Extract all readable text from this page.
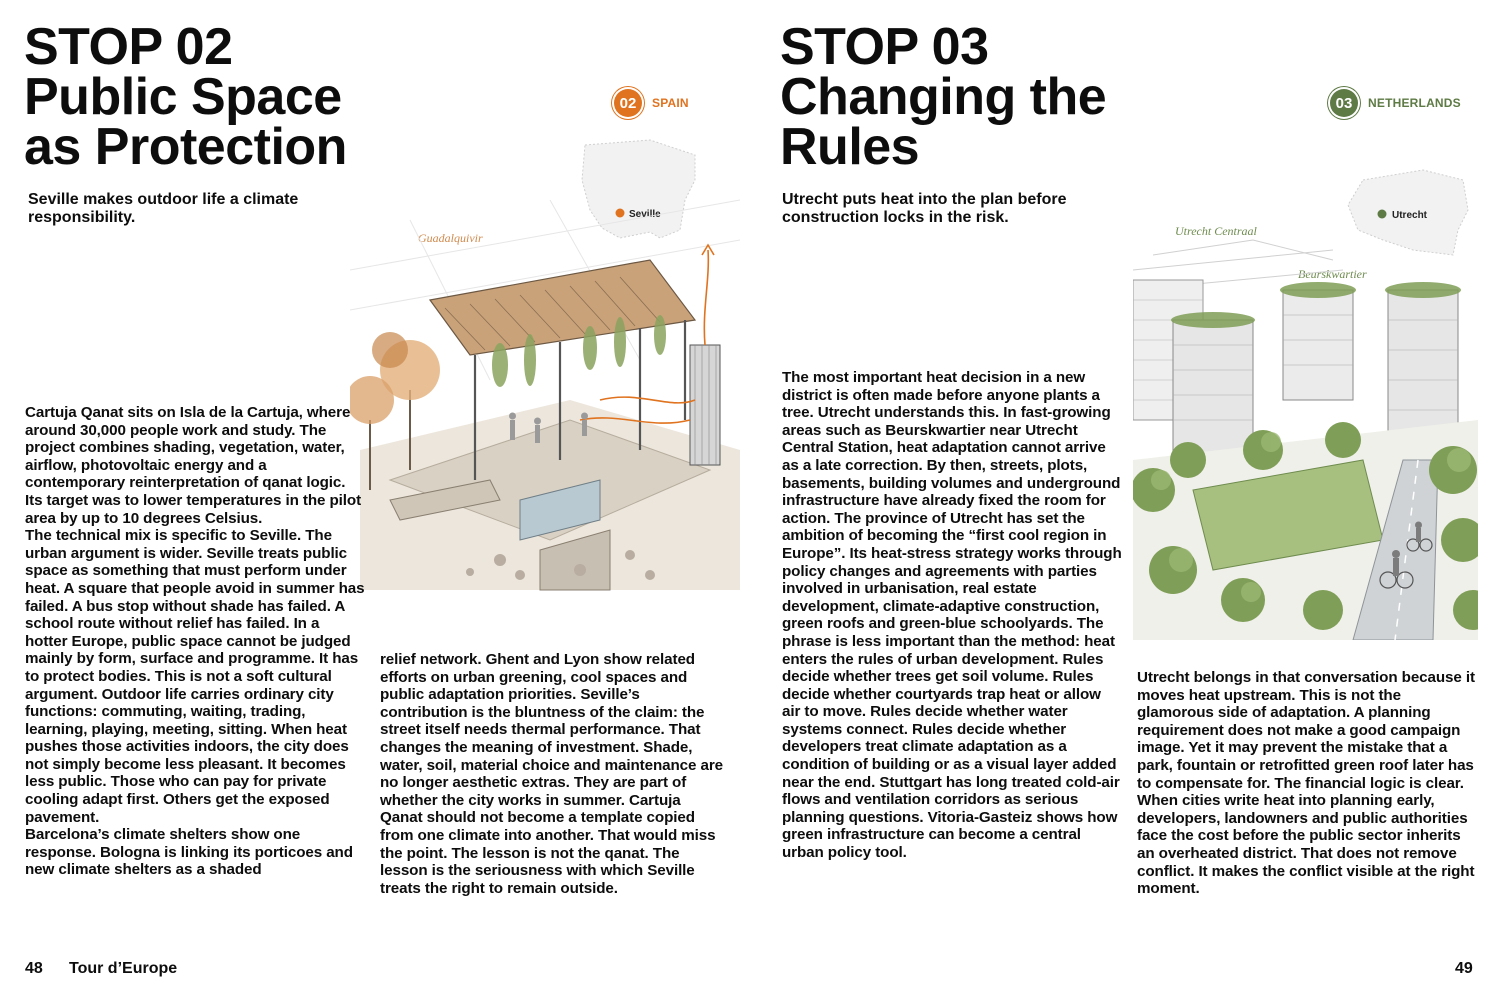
STOP 02
Public Space
as Protection
02 SPAIN

Seville makes outdoor life a climate responsibility.	Seville
Guadalquivir

Cartuja Qanat sits on Isla de la Cartuja, where around 30,000 people work and study. The project combines shading, vegetation, water, airflow, photovoltaic energy and a contemporary reinterpretation of qanat logic. Its target was to lower temperatures in the pilot area by up to 10 degrees Celsius.

The technical mix is specific to Seville. The urban argument is wider. Seville treats public space as something that must perform under heat. A square that people avoid in summer has failed. A bus stop without shade has failed. A school route without relief has failed. In a hotter Europe, public space cannot be judged mainly by form, surface and programme. It has to protect bodies. This is not a soft cultural argument. Outdoor life carries ordinary city functions: commuting, waiting, trading, learning, playing, meeting, sitting. When heat pushes those activities indoors, the city does not simply become less pleasant. It becomes less public. Those who can pay for private cooling adapt first. Others get the exposed pavement.

Barcelona’s climate shelters show one response. Bologna is linking its porticoes and new climate shelters as a shaded

relief network. Ghent and Lyon show related efforts on urban greening, cool spaces and public adaptation priorities. Seville’s contribution is the bluntness of the claim: the street itself needs thermal performance. That changes the meaning of investment. Shade, water, soil, material choice and maintenance are no longer aesthetic extras. They are part of whether the city works in summer. Cartuja Qanat should not become a template copied from one climate into another. That would miss the point. The lesson is not the qanat. The lesson is the seriousness with which Seville treats the right to remain outside.

48 Tour d’Europe
STOP 03
Changing the
Rules
03 NETHERLANDS

Utrecht puts heat into the plan before construction locks in the risk.	Utrecht
Utrecht Centraal
Beurskwartier

The most important heat decision in a new district is often made before anyone plants a tree. Utrecht understands this. In fast-growing areas such as Beurskwartier near Utrecht Central Station, heat adaptation cannot arrive as a late correction. By then, streets, plots, basements, building volumes and underground infrastructure have already fixed the room for action. The province of Utrecht has set the ambition of becoming the “first cool region in Europe”. Its heat-stress strategy works through policy changes and agreements with parties involved in urbanisation, real estate development, climate-adaptive construction, green roofs and green-blue schoolyards. The phrase is less important than the method: heat enters the rules of urban development. Rules decide whether trees get soil volume. Rules decide whether courtyards trap heat or allow air to move. Rules decide whether water systems connect. Rules decide whether developers treat climate adaptation as a condition of building or as a visual layer added near the end. Stuttgart has long treated cold-air flows and ventilation corridors as serious planning questions. Vitoria-Gasteiz shows how green infrastructure can become a central urban policy tool.

Utrecht belongs in that conversation because it moves heat upstream. This is not the glamorous side of adaptation. A planning requirement does not make a good campaign image. Yet it may prevent the mistake that a park, fountain or retrofitted green roof later has to compensate for. The financial logic is clear. When cities write heat into planning early, developers, landowners and public authorities face the cost before the public sector inherits an overheated district. That does not remove conflict. It makes the conflict visible at the right moment.

49
